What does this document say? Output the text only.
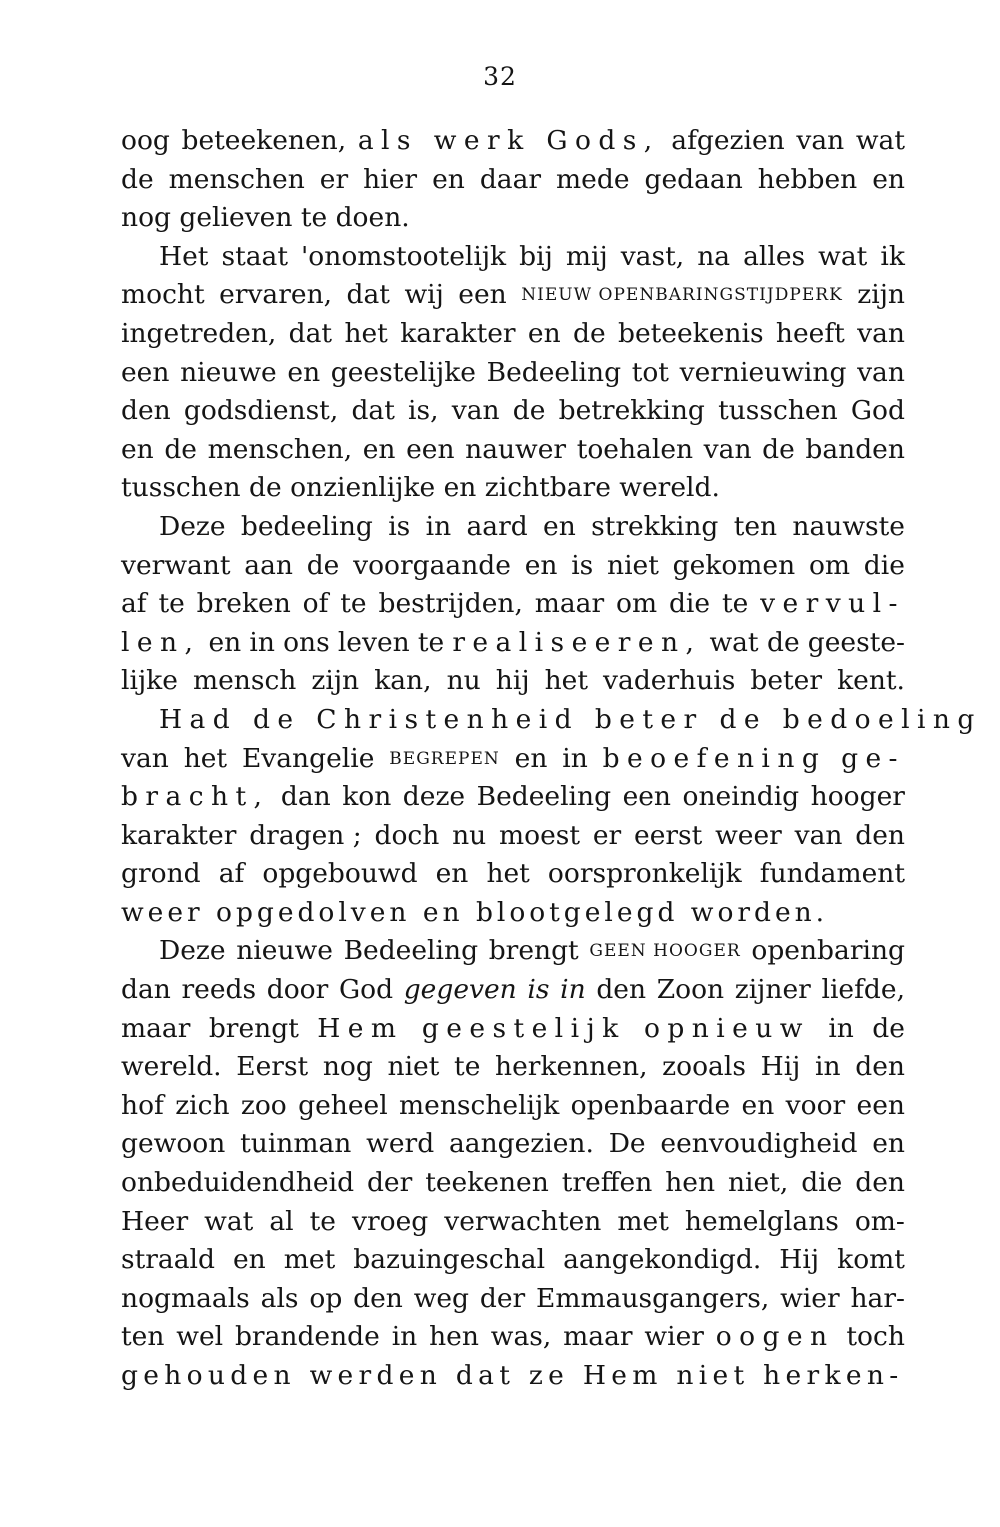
32
oog beteekenen, als werk Gods, afgezien van wat
de menschen er hier en daar mede gedaan hebben en
nog gelieven te doen.
Het staat 'onomstootelijk bij mij vast, na alles wat ik
mocht ervaren, dat wij een NIEUW OPENBARINGSTIJDPERK zijn
ingetreden, dat het karakter en de beteekenis heeft van
een nieuwe en geestelijke Bedeeling tot vernieuwing van
den godsdienst, dat is, van de betrekking tusschen God
en de menschen, en een nauwer toehalen van de banden
tusschen de onzienlijke en zichtbare wereld.
Deze bedeeling is in aard en strekking ten nauwste
verwant aan de voorgaande en is niet gekomen om die
af te breken of te bestrijden, maar om die te vervul-
len, en in ons leven te realiseeren, wat de geeste-
lijke mensch zijn kan, nu hij het vaderhuis beter kent.
Had de Christenheid beter de bedoeling
van het Evangelie BEGREPEN en in beoefening ge-
bracht, dan kon deze Bedeeling een oneindig hooger
karakter dragen ; doch nu moest er eerst weer van den
grond af opgebouwd en het oorspronkelijk fundament
weer opgedolven en blootgelegd worden.
Deze nieuwe Bedeeling brengt GEEN HOOGER openbaring
dan reeds door God gegeven is in den Zoon zijner liefde,
maar brengt Hem geestelijk opnieuw in de
wereld. Eerst nog niet te herkennen, zooals Hij in den
hof zich zoo geheel menschelijk openbaarde en voor een
gewoon tuinman werd aangezien. De eenvoudigheid en
onbeduidendheid der teekenen treffen hen niet, die den
Heer wat al te vroeg verwachten met hemelglans om-
straald en met bazuingeschal aangekondigd. Hij komt
nogmaals als op den weg der Emmausgangers, wier har-
ten wel brandende in hen was, maar wier oogen toch
gehouden werden dat ze Hem niet herken-
